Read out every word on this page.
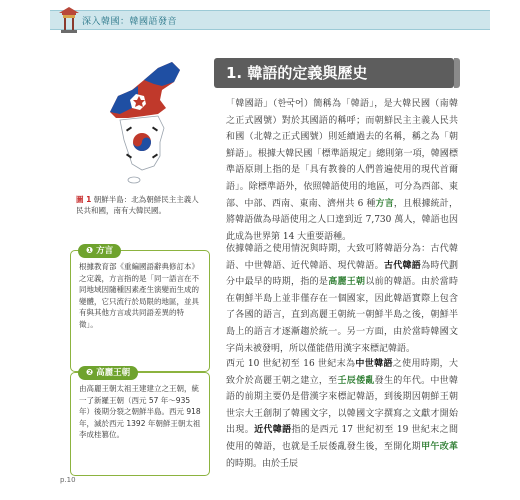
深入韓國：韓國語發音
圖 1 朝鮮半島：北為朝鮮民主主義人民共和國，南有大韓民國。
根據教育部《重編國語辭典修訂本》之定義，方言指的是「同一語言在不同地域因隨種因素產生演變而生成的變體，它只流行於局限的地區，並具有與其他方言或共同語差異的特徵」。
❶ 方言
由高麗王朝太祖王建建立之王朝，統一了新羅王朝（西元 57 年～935 年）後期分裂之朝鮮半島。西元 918 年，滅於西元 1392 年朝鮮王朝太祖李成桂篡位。
❷ 高麗王朝
1. 韓語的定義與歷史
「韓國語」（한국어）簡稱為「韓語」，是大韓民國（南韓之正式國號）對於其國語的稱呼；而朝鮮民主主義人民共和國（北韓之正式國號）則延續過去的名稱，稱之為「朝鮮語」。根據大韓民國「標準語規定」總則第一項，韓國標準語原則上指的是「具有教養的人們普遍使用的現代首爾語」。除標準語外，依照韓語使用的地區，可分為西部、東部、中部、西南、東南、濟州共 6 種方言，且根據統計，將韓語做為母語使用之人口達到近 7,730 萬人，韓語也因此成為世界第 14 大重要語種。
依據韓語之使用情況與時期，大致可將韓語分為：古代韓語、中世韓語、近代韓語、現代韓語。古代韓語為時代劃分中最早的時期，指的是高麗王朝以前的韓語。由於當時在朝鮮半島上並非僅存在一個國家，因此韓語實際上包含了各國的語言，直到高麗王朝統一朝鮮半島之後，朝鮮半島上的語言才逐漸趨於統一。另一方面，由於當時韓國文字尚未被發明，所以僅能借用漢字來標記韓語。
西元 10 世紀初至 16 世紀末為中世韓語之使用時期，大致介於高麗王朝之建立，至壬辰倭亂發生的年代。中世韓語的前期主要仍是借漢字來標記韓語，到後期因朝鮮王朝世宗大王創制了韓國文字，以韓國文字撰寫之文獻才開始出現。近代韓語指的是西元 17 世紀初至 19 世紀末之間使用的韓語，也就是壬辰倭亂發生後，至開化期甲午改革的時期。由於壬辰
p.10
